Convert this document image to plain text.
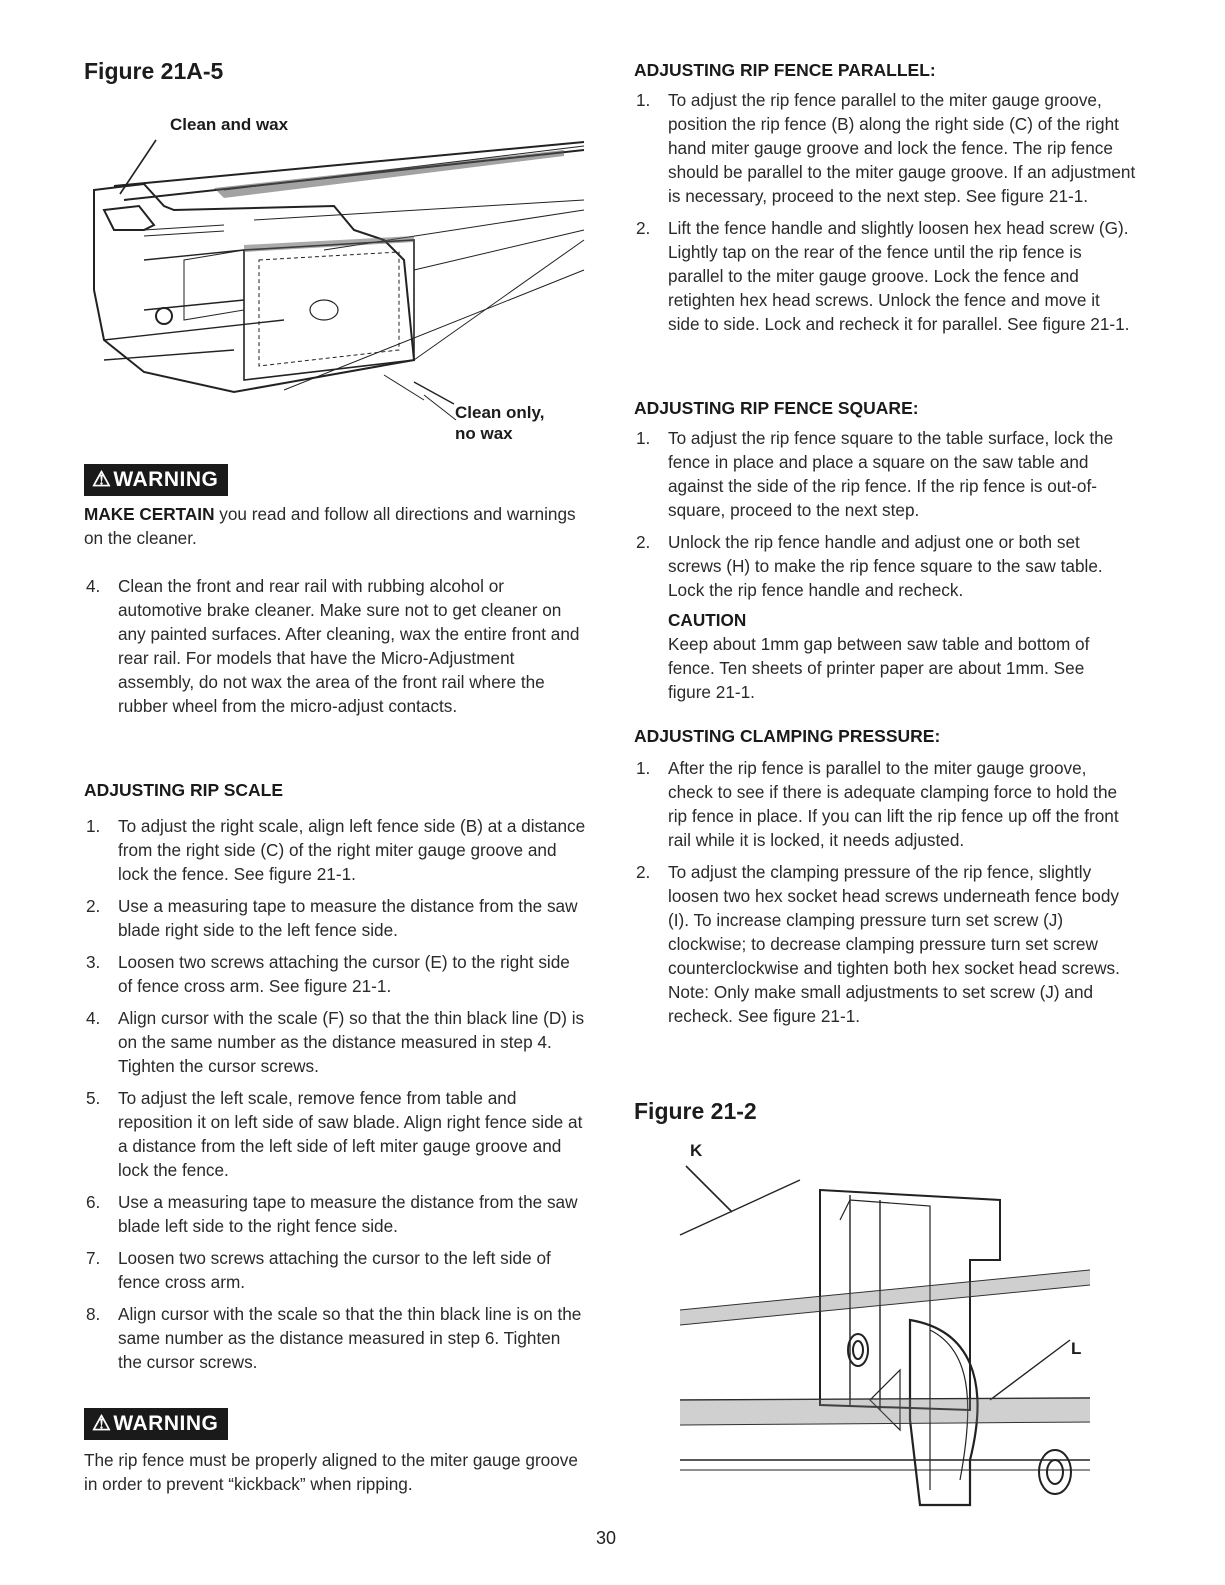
Figure 21A-5
Clean and wax
Clean only,
no wax
⚠WARNING
MAKE CERTAIN you read and follow all directions and warnings on the cleaner.
4. Clean the front and rear rail with rubbing alcohol or automotive brake cleaner. Make sure not to get cleaner on any painted surfaces. After cleaning, wax the entire front and rear rail. For models that have the Micro-Adjustment assembly, do not wax the area of the front rail where the rubber wheel from the micro-adjust contacts.
ADJUSTING RIP SCALE
1. To adjust the right scale, align left fence side (B) at a distance from the right side (C) of the right miter gauge groove and lock the fence. See figure 21-1.
2. Use a measuring tape to measure the distance from the saw blade right side to the left fence side.
3. Loosen two screws attaching the cursor (E) to the right side of fence cross arm. See figure 21-1.
4. Align cursor with the scale (F) so that the thin black line (D) is on the same number as the distance measured in step 4. Tighten the cursor screws.
5. To adjust the left scale, remove fence from table and reposition it on left side of saw blade. Align right fence side at a distance from the left side of left miter gauge groove and lock the fence.
6. Use a measuring tape to measure the distance from the saw blade left side to the right fence side.
7. Loosen two screws attaching the cursor to the left side of fence cross arm.
8. Align cursor with the scale so that the thin black line is on the same number as the distance measured in step 6. Tighten the cursor screws.
⚠WARNING
The rip fence must be properly aligned to the miter gauge groove in order to prevent “kickback” when ripping.
ADJUSTING RIP FENCE PARALLEL:
1. To adjust the rip fence parallel to the miter gauge groove, position the rip fence (B) along the right side (C) of the right hand miter gauge groove and lock the fence. The rip fence should be parallel to the miter gauge groove. If an adjustment is necessary, proceed to the next step. See figure 21-1.
2. Lift the fence handle and slightly loosen hex head screw (G). Lightly tap on the rear of the fence until the rip fence is parallel to the miter gauge groove. Lock the fence and retighten hex head screws. Unlock the fence and move it side to side. Lock and recheck it for parallel. See figure 21-1.
ADJUSTING RIP FENCE SQUARE:
1. To adjust the rip fence square to the table surface, lock the fence in place and place a square on the saw table and against the side of the rip fence. If the rip fence is out-of-square, proceed to the next step.
2. Unlock the rip fence handle and adjust one or both set screws (H) to make the rip fence square to the saw table. Lock the rip fence handle and recheck.
CAUTION
Keep about 1mm gap between saw table and bottom of fence. Ten sheets of printer paper are about 1mm. See figure 21-1.
ADJUSTING CLAMPING PRESSURE:
1. After the rip fence is parallel to the miter gauge groove, check to see if there is adequate clamping force to hold the rip fence in place. If you can lift the rip fence up off the front rail while it is locked, it needs adjusted.
2. To adjust the clamping pressure of the rip fence, slightly loosen two hex socket head screws underneath fence body (I). To increase clamping pressure turn set screw (J) clockwise; to decrease clamping pressure turn set screw counterclockwise and tighten both hex socket head screws. Note: Only make small adjustments to set screw (J) and recheck. See figure 21-1.
Figure 21-2
K
L
30
